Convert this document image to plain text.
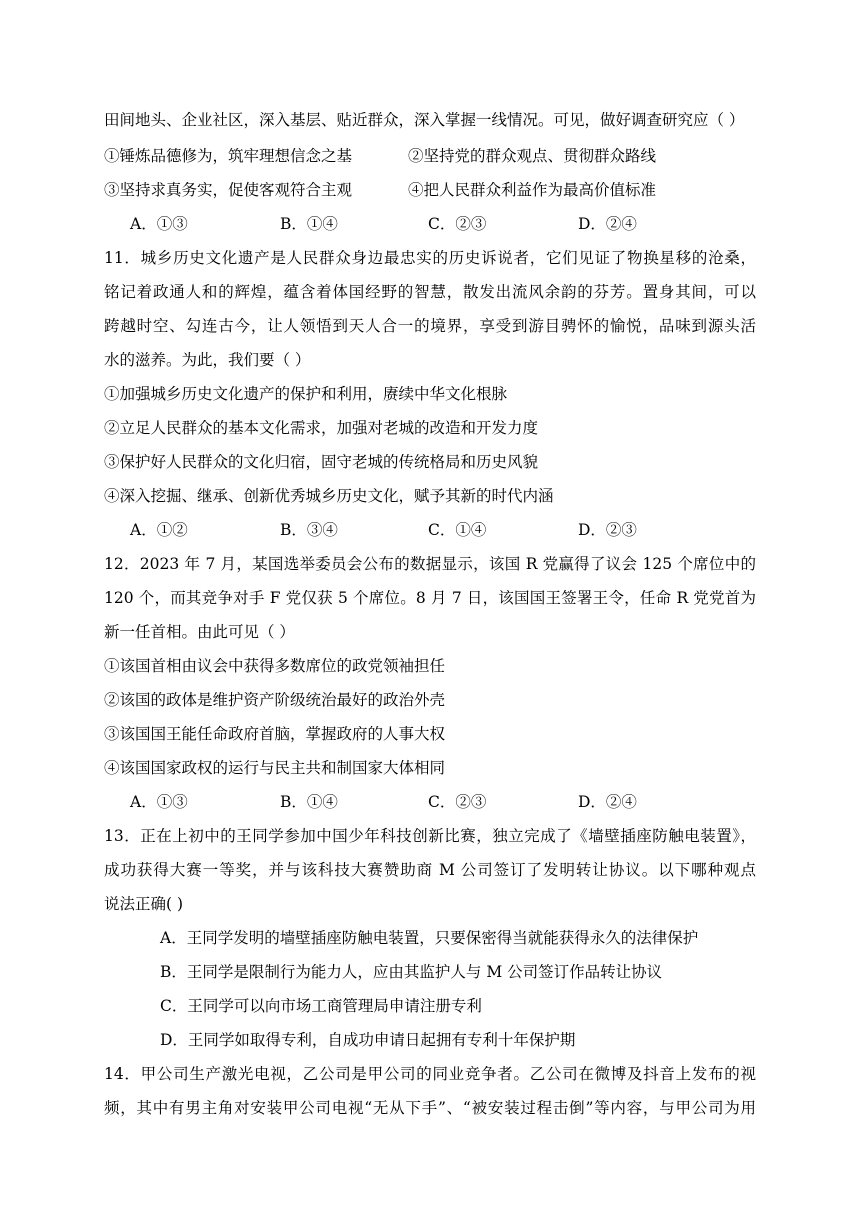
田间地头、企业社区，深入基层、贴近群众，深入掌握一线情况。可见，做好调查研究应（ ）
①锤炼品德修为，筑牢理想信念之基	②坚持党的群众观点、贯彻群众路线
③坚持求真务实，促使客观符合主观	④把人民群众利益作为最高价值标准
A．①③	B．①④	C．②③	D．②④
11．城乡历史文化遗产是人民群众身边最忠实的历史诉说者，它们见证了物换星移的沧桑，
铭记着政通人和的辉煌，蕴含着体国经野的智慧，散发出流风余韵的芬芳。置身其间，可以
跨越时空、勾连古今，让人领悟到天人合一的境界，享受到游目骋怀的愉悦，品味到源头活
水的滋养。为此，我们要（ ）
①加强城乡历史文化遗产的保护和利用，赓续中华文化根脉
②立足人民群众的基本文化需求，加强对老城的改造和开发力度
③保护好人民群众的文化归宿，固守老城的传统格局和历史风貌
④深入挖掘、继承、创新优秀城乡历史文化，赋予其新的时代内涵
A．①②	B．③④	C．①④	D．②③
12．2023 年 7 月，某国选举委员会公布的数据显示，该国 R 党赢得了议会 125 个席位中的
120 个，而其竞争对手 F 党仅获 5 个席位。8 月 7 日，该国国王签署王令，任命 R 党党首为
新一任首相。由此可见（ ）
①该国首相由议会中获得多数席位的政党领袖担任
②该国的政体是维护资产阶级统治最好的政治外壳
③该国国王能任命政府首脑，掌握政府的人事大权
④该国国家政权的运行与民主共和制国家大体相同
A．①③	B．①④	C．②③	D．②④
13．正在上初中的王同学参加中国少年科技创新比赛，独立完成了《墙壁插座防触电装置》，
成功获得大赛一等奖，并与该科技大赛赞助商 M 公司签订了发明转让协议。以下哪种观点
说法正确( )
A．王同学发明的墙壁插座防触电装置，只要保密得当就能获得永久的法律保护
B．王同学是限制行为能力人，应由其监护人与 M 公司签订作品转让协议
C．王同学可以向市场工商管理局申请注册专利
D．王同学如取得专利，自成功申请日起拥有专利十年保护期
14．甲公司生产激光电视，乙公司是甲公司的同业竞争者。乙公司在微博及抖音上发布的视
频，其中有男主角对安装甲公司电视“无从下手”、“被安装过程击倒”等内容，与甲公司为用
